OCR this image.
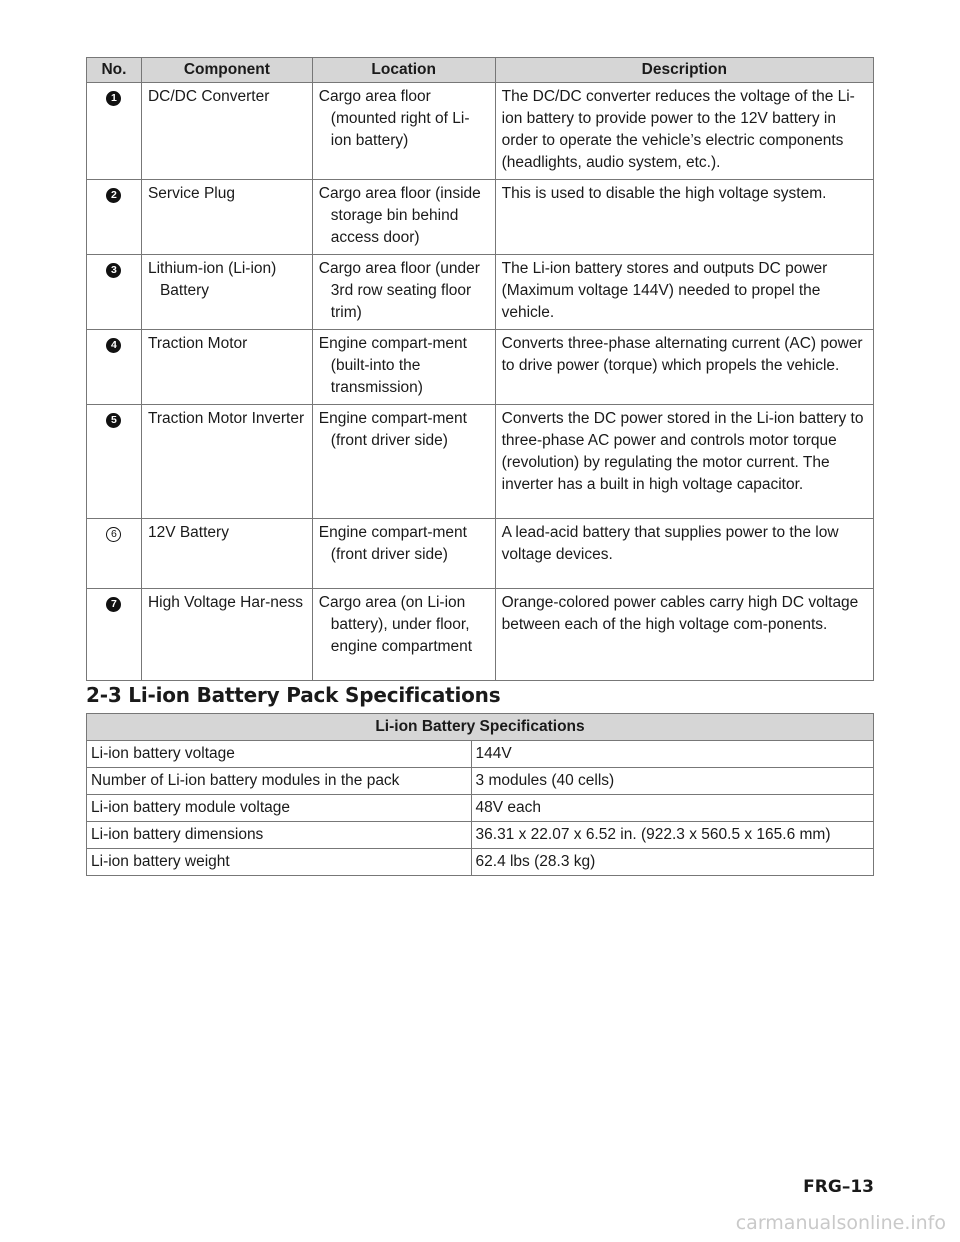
No.	Component	Location	Description
1	DC/DC Converter	Cargo area floor (mounted right of Li-ion battery)	The DC/DC converter reduces the voltage of the Li-ion battery to provide power to the 12V battery in order to operate the vehicle’s electric components (headlights, audio system, etc.).
2	Service Plug	Cargo area floor (inside storage bin behind access door)	This is used to disable the high voltage system.
3	Lithium-ion (Li-ion) Battery	Cargo area floor (under 3rd row seating floor trim)	The Li-ion battery stores and outputs DC power (Maximum voltage 144V) needed to propel the vehicle.
4	Traction Motor	Engine compart-ment (built-into the transmission)	Converts three-phase alternating current (AC) power to drive power (torque) which propels the vehicle.
5	Traction Motor Inverter	Engine compart-ment (front driver side)	Converts the DC power stored in the Li-ion battery to three-phase AC power and controls motor torque (revolution) by regulating the motor current. The inverter has a built in high voltage capacitor.
6	12V Battery	Engine compart-ment (front driver side)	A lead-acid battery that supplies power to the low voltage devices.
7	High Voltage Har-ness	Cargo area (on Li-ion battery), under floor, engine compartment	Orange-colored power cables carry high DC voltage between each of the high voltage com-ponents.
2-3 Li-ion Battery Pack Specifications
Li-ion Battery Specifications	
Li-ion battery voltage	144V
Number of Li-ion battery modules in the pack	3 modules (40 cells)
Li-ion battery module voltage	48V each
Li-ion battery dimensions	36.31 x 22.07 x 6.52 in. (922.3 x 560.5 x 165.6 mm)
Li-ion battery weight	62.4 lbs (28.3 kg)
FRG–13
carmanualsonline.info
